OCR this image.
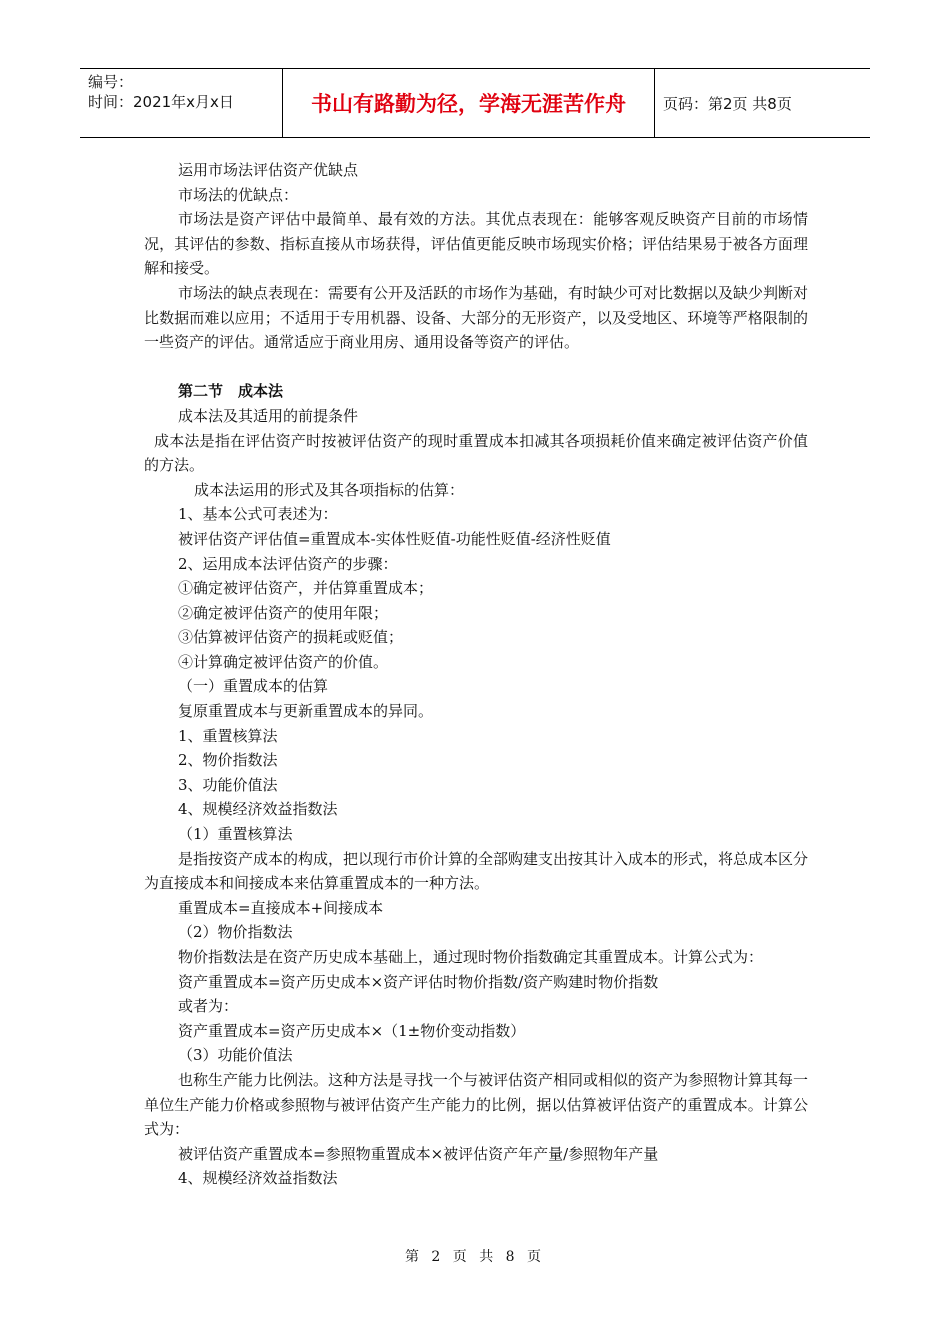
编号：
时间：2021年x月x日	书山有路勤为径，学海无涯苦作舟	页码：第2页 共8页

运用市场法评估资产优缺点

市场法的优缺点：

市场法是资产评估中最简单、最有效的方法。其优点表现在：能够客观反映资产目前的市场情况，其评估的参数、指标直接从市场获得，评估值更能反映市场现实价格；评估结果易于被各方面理解和接受。

市场法的缺点表现在：需要有公开及活跃的市场作为基础，有时缺少可对比数据以及缺少判断对比数据而难以应用；不适用于专用机器、设备、大部分的无形资产，以及受地区、环境等严格限制的一些资产的评估。通常适应于商业用房、通用设备等资产的评估。

第二节　成本法

成本法及其适用的前提条件

成本法是指在评估资产时按被评估资产的现时重置成本扣减其各项损耗价值来确定被评估资产价值的方法。

成本法运用的形式及其各项指标的估算：

1、基本公式可表述为：

被评估资产评估值=重置成本-实体性贬值-功能性贬值-经济性贬值

2、运用成本法评估资产的步骤：

①确定被评估资产，并估算重置成本；

②确定被评估资产的使用年限；

③估算被评估资产的损耗或贬值；

④计算确定被评估资产的价值。

（一）重置成本的估算

复原重置成本与更新重置成本的异同。

1、重置核算法

2、物价指数法

3、功能价值法

4、规模经济效益指数法

（1）重置核算法

是指按资产成本的构成，把以现行市价计算的全部购建支出按其计入成本的形式，将总成本区分为直接成本和间接成本来估算重置成本的一种方法。

重置成本=直接成本+间接成本

（2）物价指数法

物价指数法是在资产历史成本基础上，通过现时物价指数确定其重置成本。计算公式为：

资产重置成本=资产历史成本×资产评估时物价指数/资产购建时物价指数

或者为：

资产重置成本=资产历史成本×（1±物价变动指数）

（3）功能价值法

也称生产能力比例法。这种方法是寻找一个与被评估资产相同或相似的资产为参照物计算其每一单位生产能力价格或参照物与被评估资产生产能力的比例，据以估算被评估资产的重置成本。计算公式为：

被评估资产重置成本=参照物重置成本×被评估资产年产量/参照物年产量

4、规模经济效益指数法

第 2 页 共 8 页
